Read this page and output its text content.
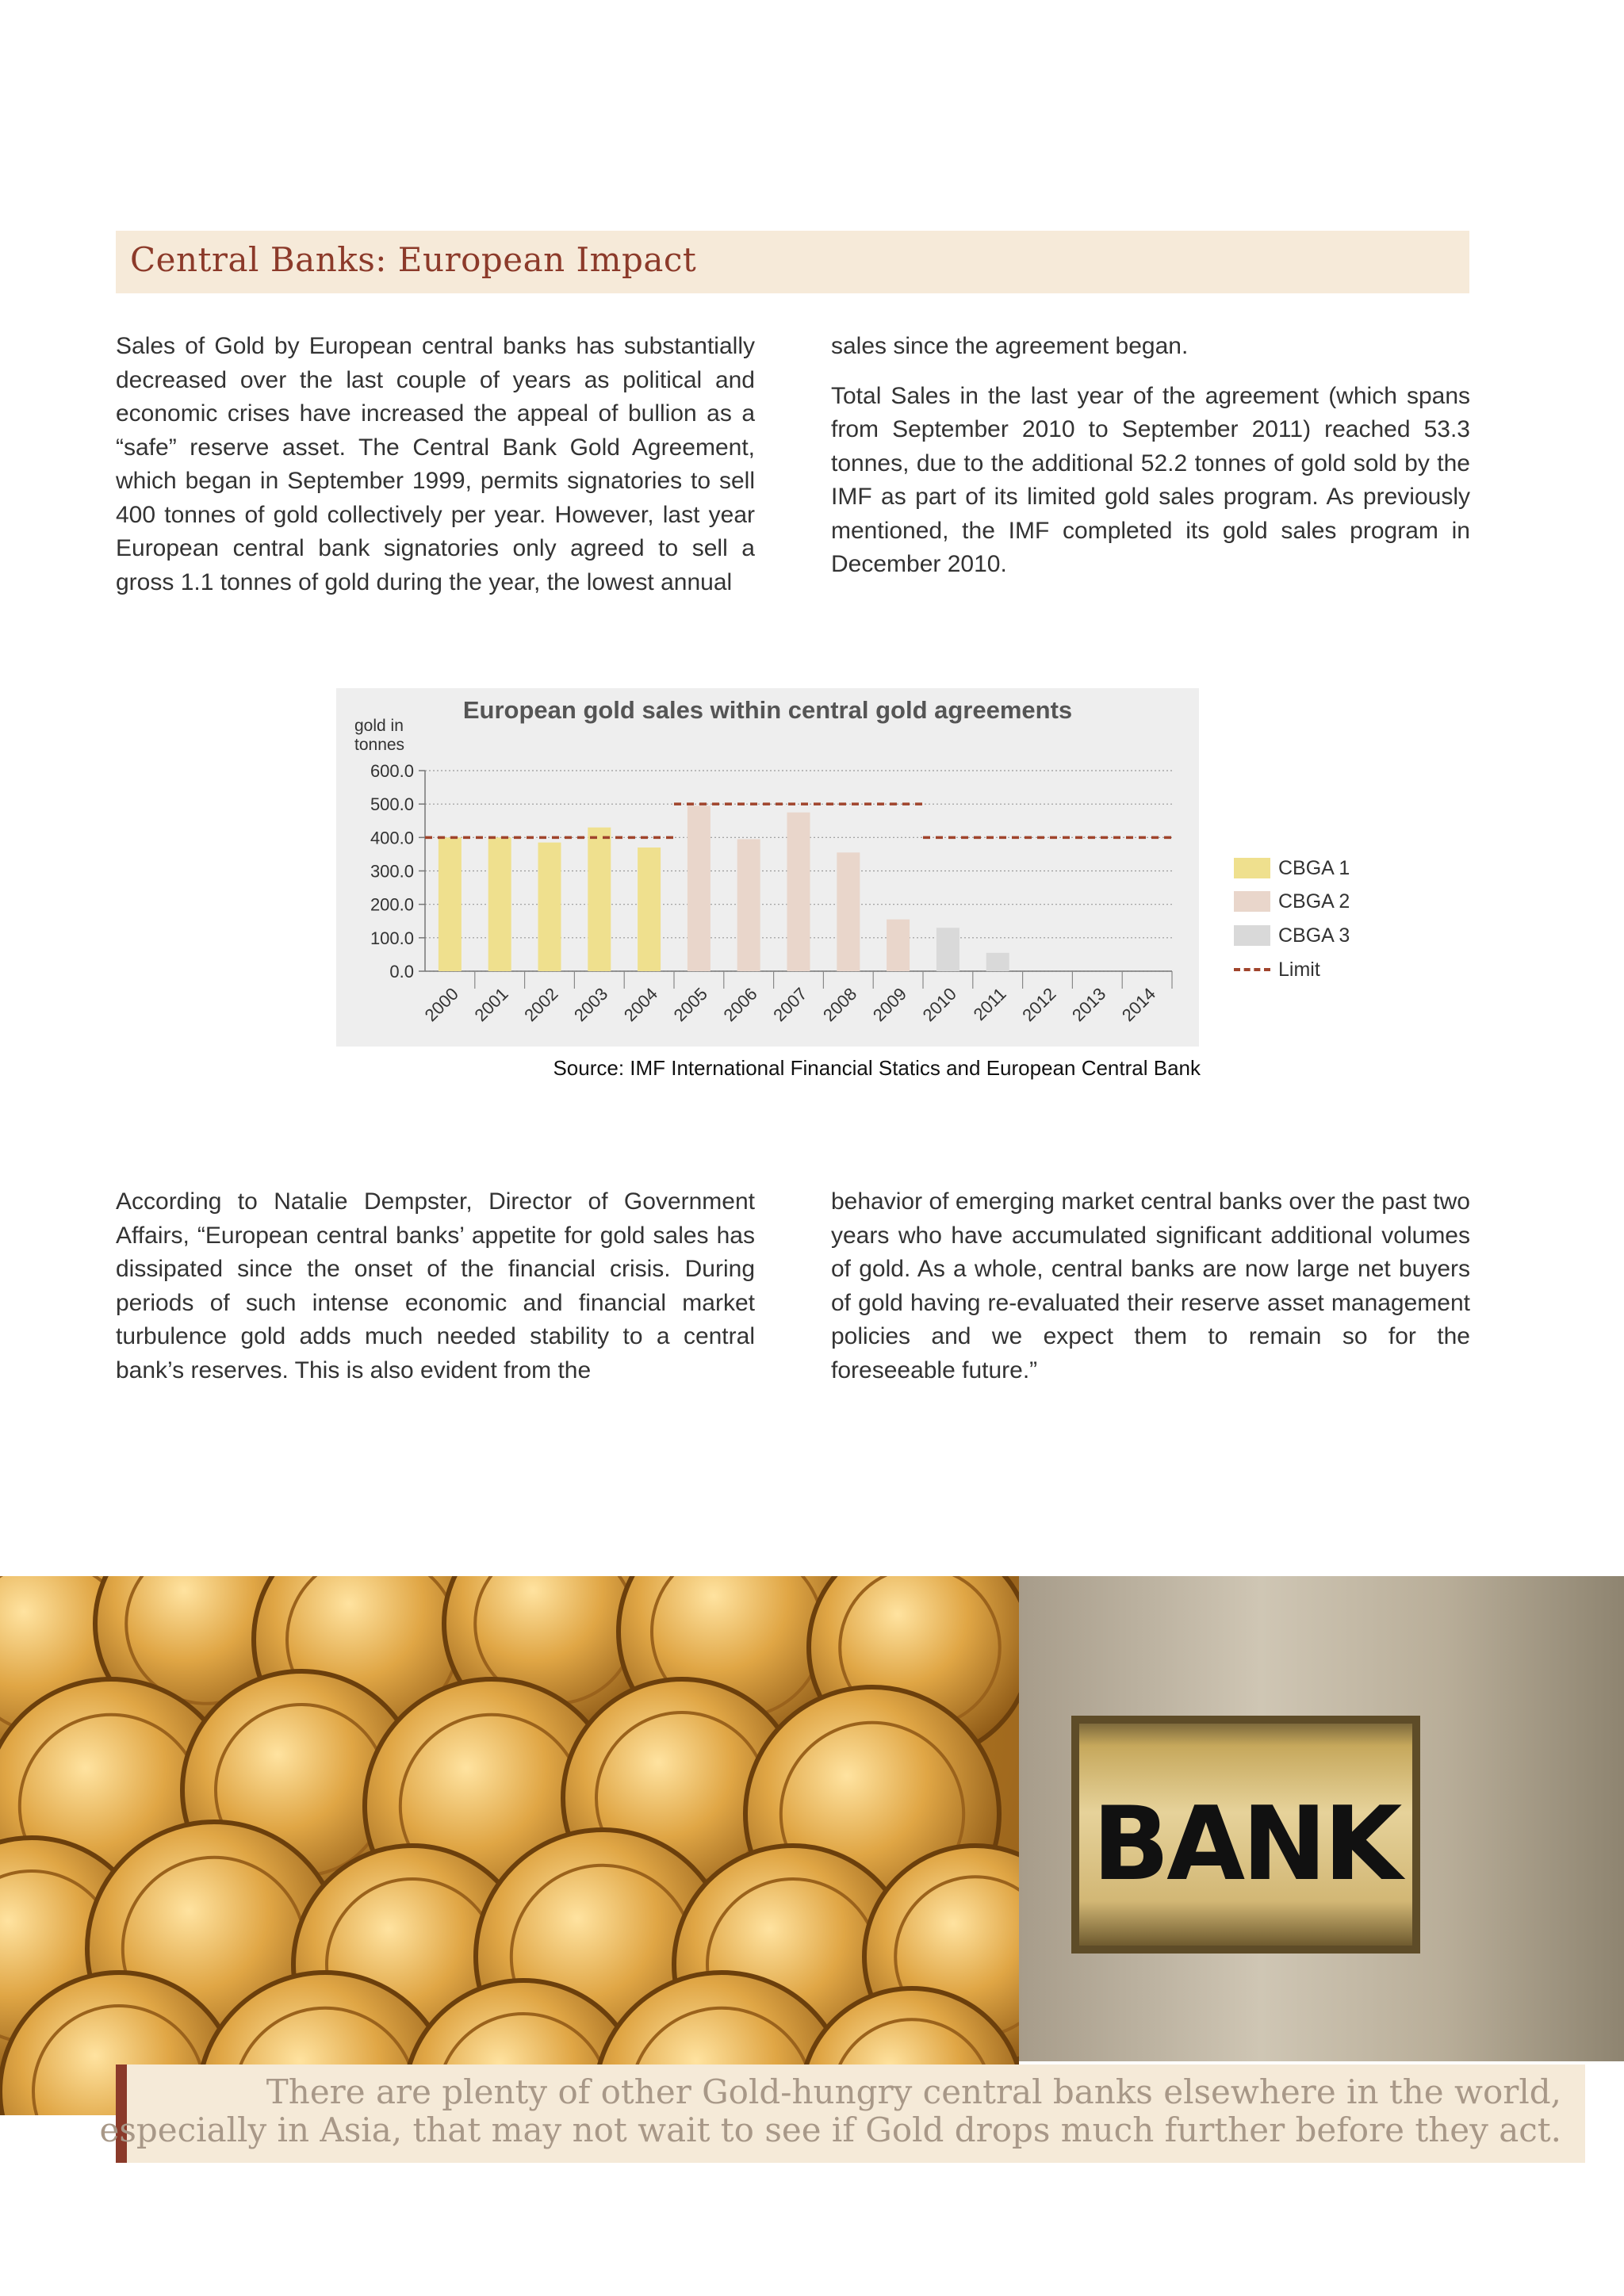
Central Banks: European Impact

Sales of Gold by European central banks has substantially decreased over the last couple of years as political and economic crises have increased the appeal of bullion as a “safe” reserve asset. The Central Bank Gold Agreement, which began in September 1999, permits signatories to sell 400 tonnes of gold collectively per year. However, last year European central bank signatories only agreed to sell a gross 1.1 tonnes of gold during the year, the lowest annual

sales since the agreement began.

Total Sales in the last year of the agreement (which spans from September 2010 to September 2011) reached 53.3 tonnes, due to the additional 52.2 tonnes of gold sold by the IMF as part of its limited gold sales program. As previously mentioned, the IMF completed its gold sales program in December 2010.

600.0
500.0
400.0
300.0
200.0
100.0
0.0
2000 2001 2002 2003 2004 2005 2006 2007 2008 2009 2010 2011 2012 2013 2014
European gold sales within central gold agreements
gold in tonnes
CBGA 1
CBGA 2
CBGA 3
Limit
Source: IMF International Financial Statics and European Central Bank

According to Natalie Dempster, Director of Government Affairs, “European central banks’ appetite for gold sales has dissipated since the onset of the financial crisis. During periods of such intense economic and financial market turbulence gold adds much needed stability to a central bank’s reserves. This is also evident from the

behavior of emerging market central banks over the past two years who have accumulated significant additional volumes of gold. As a whole, central banks are now large net buyers of gold having re-evaluated their reserve asset management policies and we expect them to remain so for the foreseeable future.”

BANK

There are plenty of other Gold-hungry central banks elsewhere in the world,

especially in Asia, that may not wait to see if Gold drops much further before they act.
